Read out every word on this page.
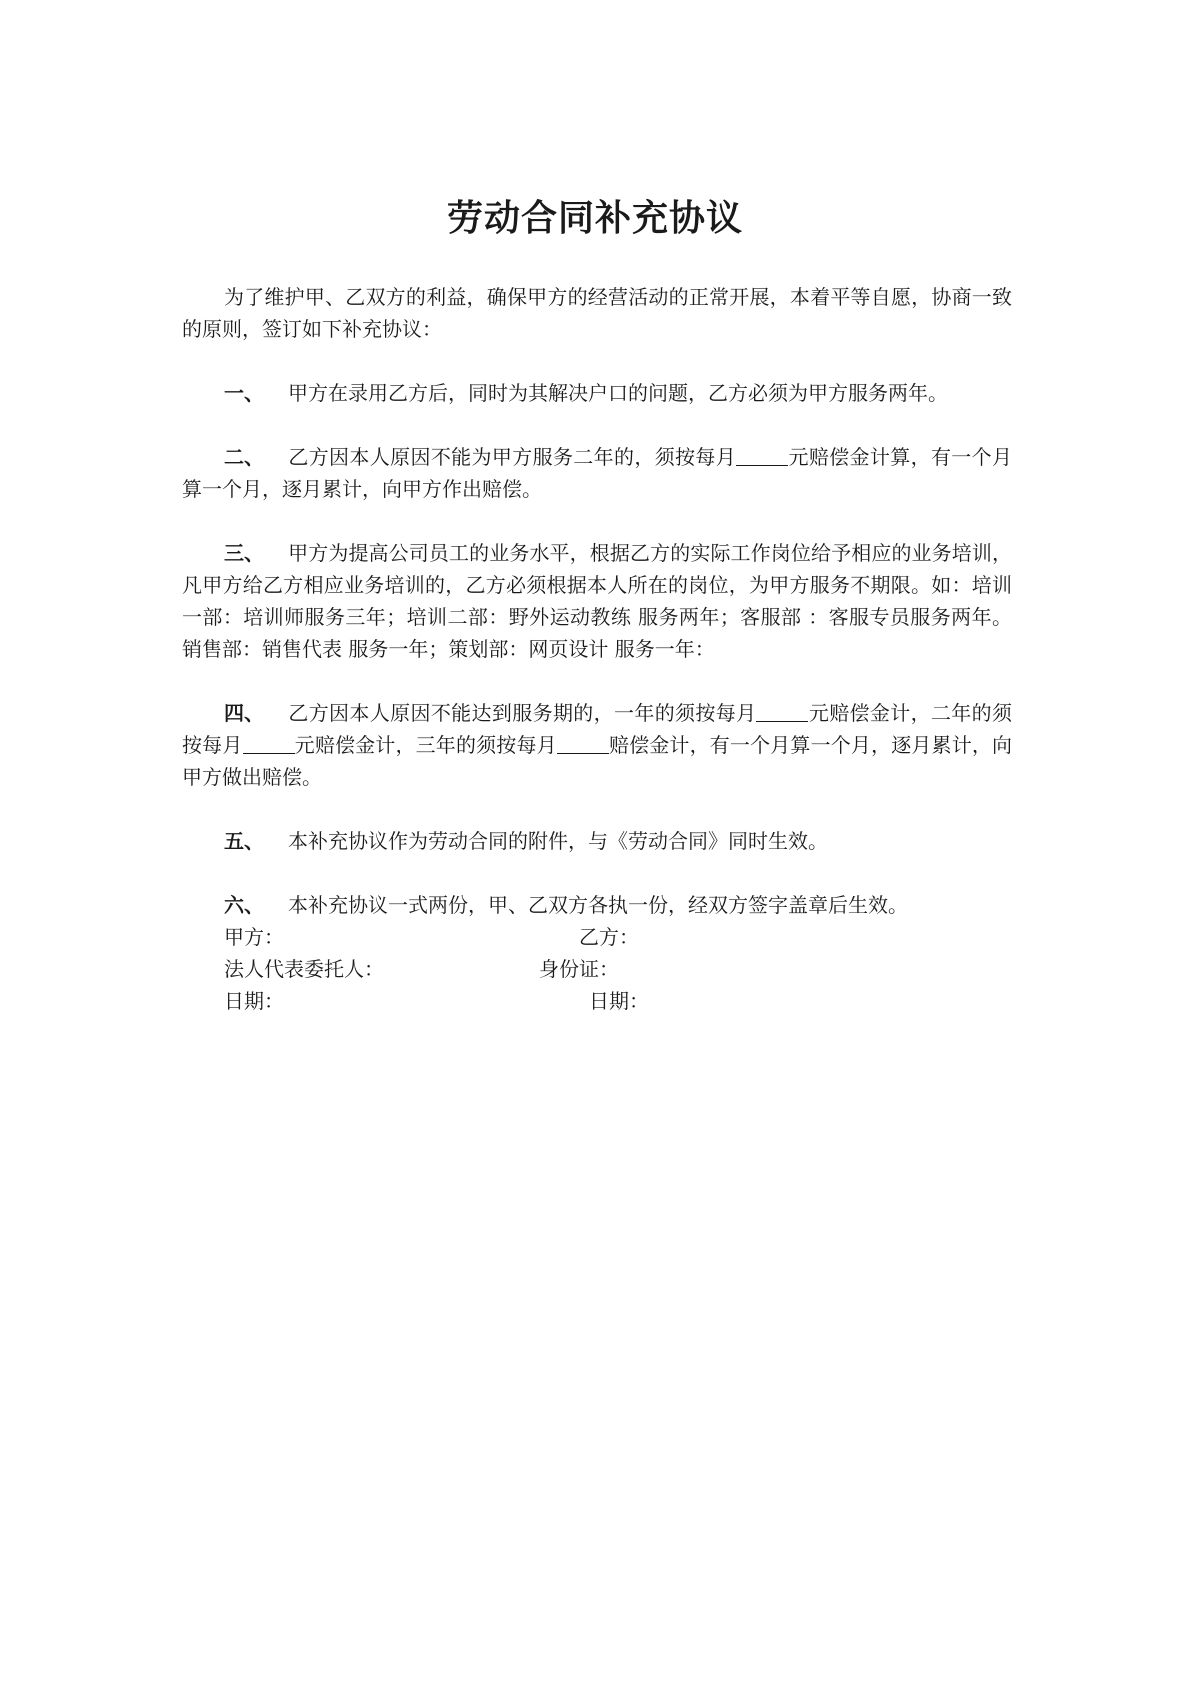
劳动合同补充协议

为了维护甲、乙双方的利益，确保甲方的经营活动的正常开展，本着平等自愿，协商一致的原则，签订如下补充协议：

一、 甲方在录用乙方后，同时为其解决户口的问题，乙方必须为甲方服务两年。

二、 乙方因本人原因不能为甲方服务二年的，须按每月	元赔偿金计算，有一个月算一个月，逐月累计，向甲方作出赔偿。

三、 甲方为提高公司员工的业务水平，根据乙方的实际工作岗位给予相应的业务培训，凡甲方给乙方相应业务培训的，乙方必须根据本人所在的岗位，为甲方服务不期限。如：培训一部：培训师服务三年；培训二部：野外运动教练 服务两年；客服部 ：客服专员服务两年。销售部：销售代表 服务一年；策划部：网页设计 服务一年：

四、 乙方因本人原因不能达到服务期的，一年的须按每月	元赔偿金计，二年的须按每月	元赔偿金计，三年的须按每月	赔偿金计，有一个月算一个月，逐月累计，向甲方做出赔偿。

五、 本补充协议作为劳动合同的附件，与《劳动合同》同时生效。

六、 本补充协议一式两份，甲、乙双方各执一份，经双方签字盖章后生效。

甲方：	乙方：
法人代表委托人：	身份证：
日期：	日期：
